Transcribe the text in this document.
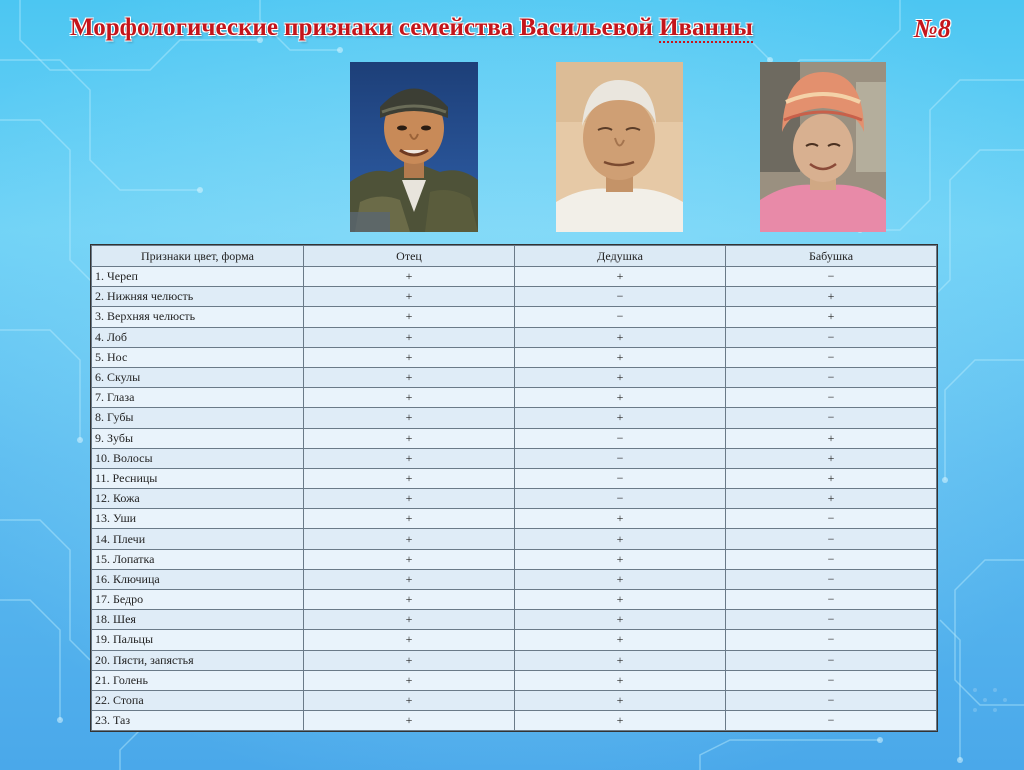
Морфологические признаки семейства Васильевой Иванны	№8
Признаки цвет, форма	Отец	Дедушка	Бабушка
1. Череп	+	+	−
2. Нижняя челюсть	+	−	+
3. Верхняя челюсть	+	−	+
4. Лоб	+	+	−
5. Нос	+	+	−
6. Скулы	+	+	−
7. Глаза	+	+	−
8. Губы	+	+	−
9. Зубы	+	−	+
10. Волосы	+	−	+
11. Ресницы	+	−	+
12. Кожа	+	−	+
13. Уши	+	+	−
14. Плечи	+	+	−
15. Лопатка	+	+	−
16. Ключица	+	+	−
17. Бедро	+	+	−
18. Шея	+	+	−
19. Пальцы	+	+	−
20. Пясти, запястья	+	+	−
21. Голень	+	+	−
22. Стопа	+	+	−
23. Таз	+	+	−
